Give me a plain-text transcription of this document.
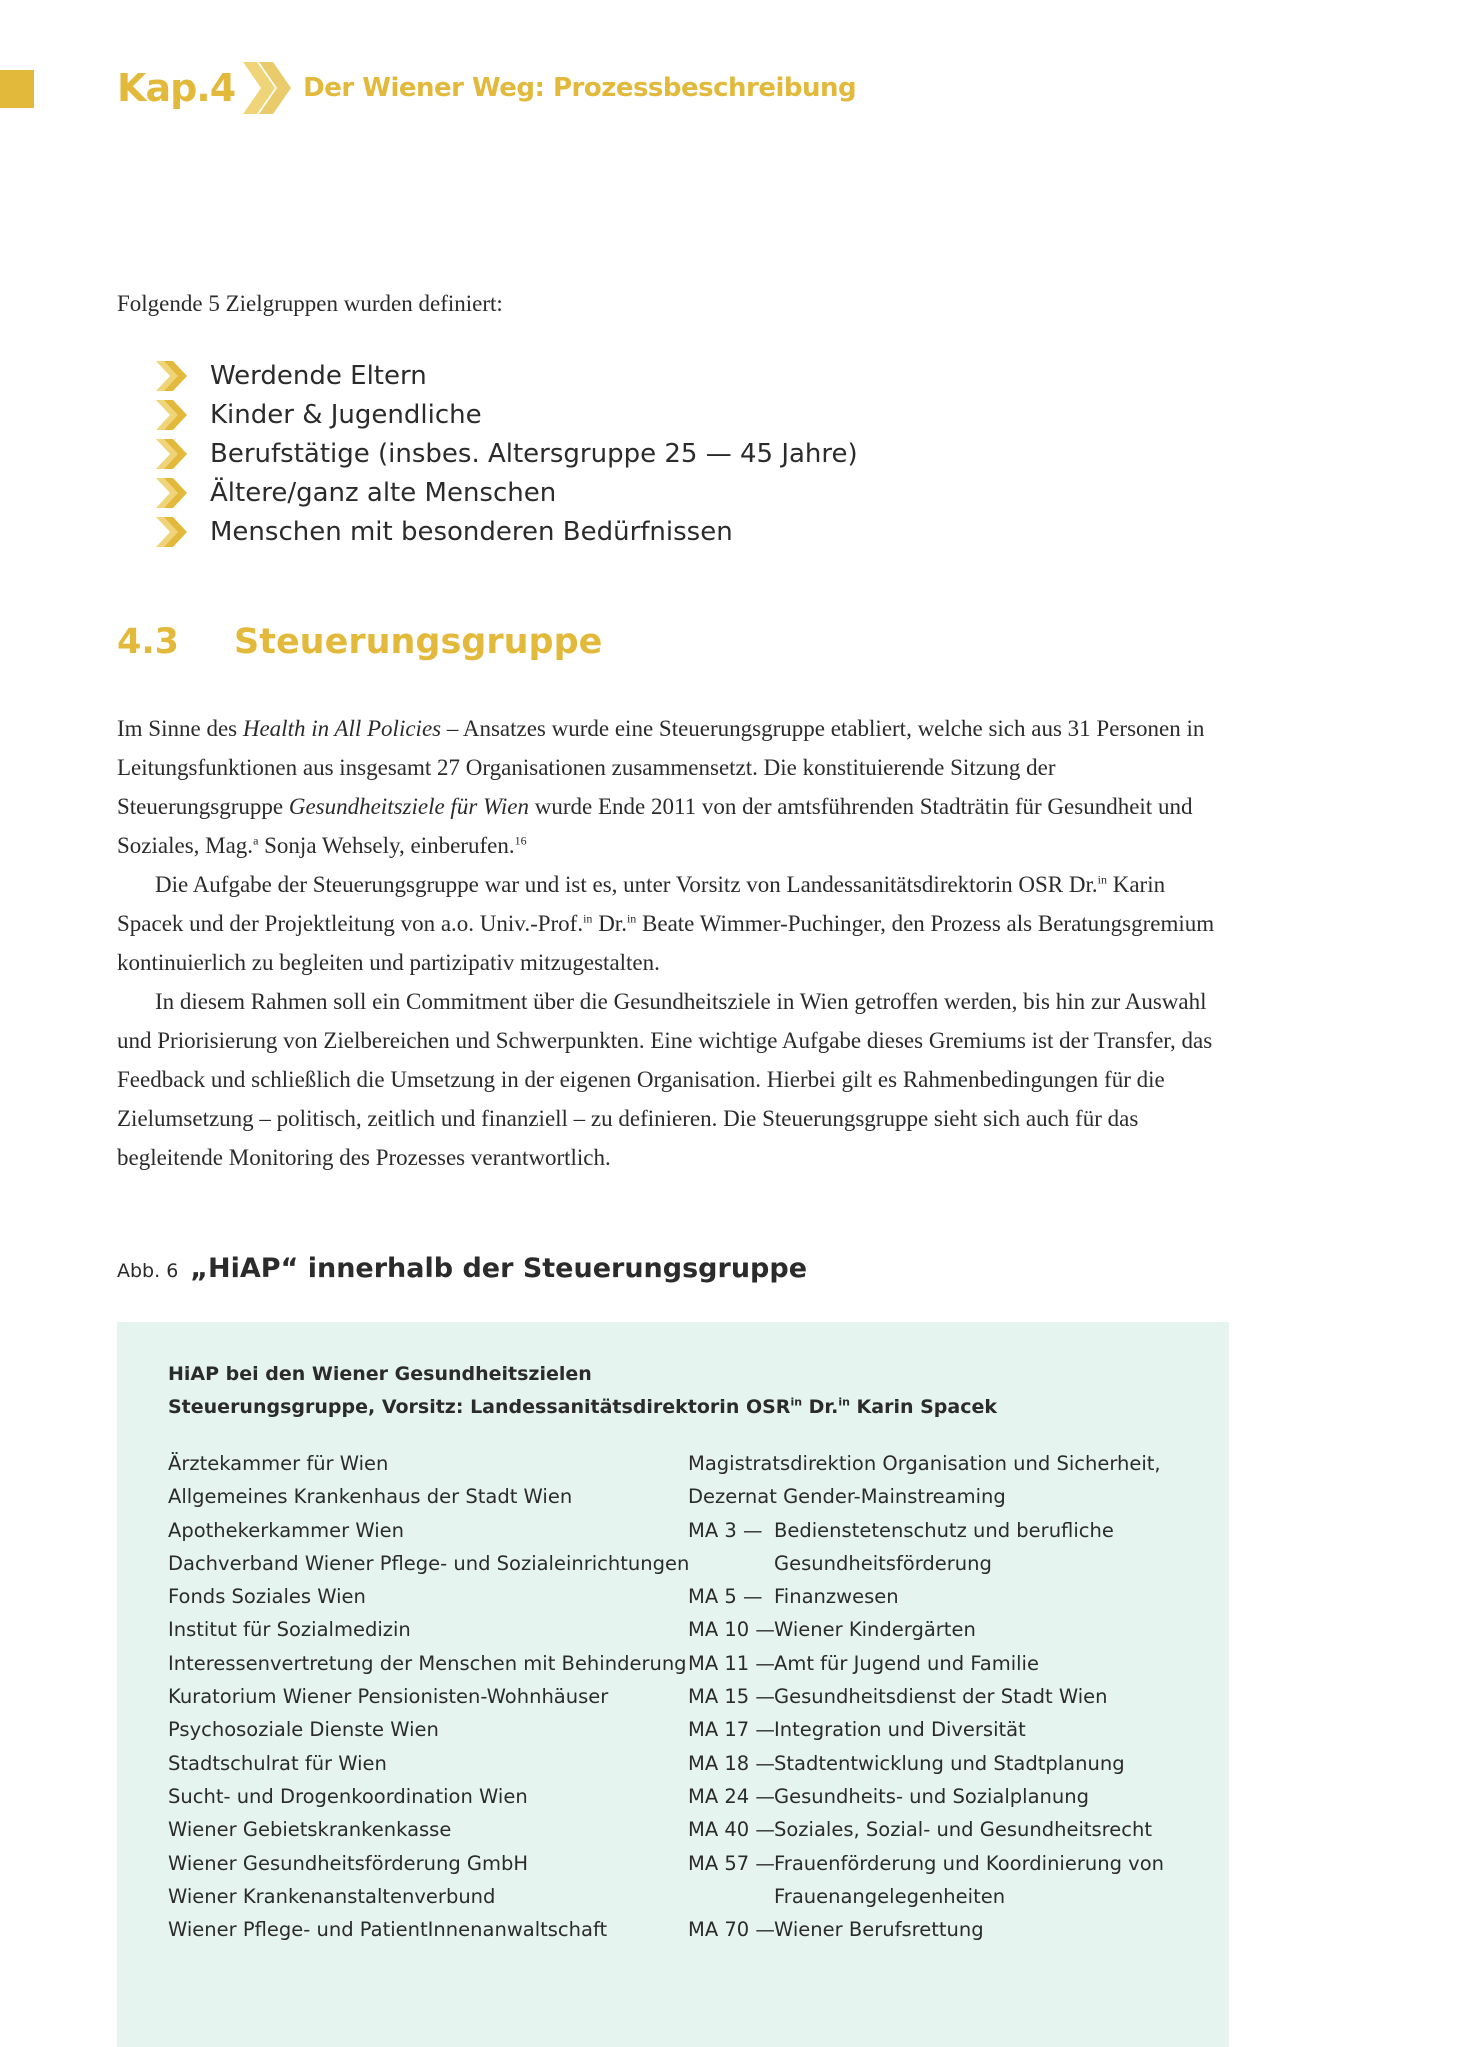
Kap.4	Der Wiener Weg: Prozessbeschreibung

Folgende 5 Zielgruppen wurden definiert:

Werdende Eltern
Kinder & Jugendliche
Berufstätige (insbes. Altersgruppe 25 — 45 Jahre)
Ältere/ganz alte Menschen
Menschen mit besonderen Bedürfnissen
4.3	Steuerungsgruppe

Im Sinne des Health in All Policies – Ansatzes wurde eine Steuerungsgruppe etabliert, welche sich aus 31 Personen in Leitungsfunktionen aus insgesamt 27 Organisationen zusammensetzt. Die konstituierende Sitzung der Steuerungsgruppe Gesundheitsziele für Wien wurde Ende 2011 von der amtsführenden Stadträtin für Gesundheit und Soziales, Mag.$^a$ Sonja Wehsely, einberufen.$^{16}$

Die Aufgabe der Steuerungsgruppe war und ist es, unter Vorsitz von Landessanitätsdirektorin OSR Dr.$^{in}$ Karin Spacek und der Projektleitung von a.o. Univ.-Prof.$^{in}$ Dr.$^{in}$ Beate Wimmer-Puchinger, den Prozess als Beratungsgremium kontinuierlich zu begleiten und partizipativ mitzugestalten.

In diesem Rahmen soll ein Commitment über die Gesundheitsziele in Wien getroffen werden, bis hin zur Auswahl und Priorisierung von Zielbereichen und Schwerpunkten. Eine wichtige Aufgabe dieses Gremiums ist der Transfer, das Feedback und schließlich die Umsetzung in der eigenen Organisation. Hierbei gilt es Rahmenbedingungen für die Zielumsetzung – politisch, zeitlich und finanziell – zu definieren. Die Steuerungsgruppe sieht sich auch für das begleitende Monitoring des Prozesses verantwortlich.

Abb. 6 „HiAP“ innerhalb der Steuerungsgruppe
HiAP bei den Wiener Gesundheitszielen
Steuerungsgruppe, Vorsitz: Landessanitätsdirektorin $OSR^{in}$ Dr.$^{in}$ Karin Spacek
Ärztekammer für Wien
Allgemeines Krankenhaus der Stadt Wien
Apothekerkammer Wien
Dachverband Wiener Pflege- und Sozialeinrichtungen
Fonds Soziales Wien
Institut für Sozialmedizin
Interessenvertretung der Menschen mit Behinderung
Kuratorium Wiener Pensionisten-Wohnhäuser
Psychosoziale Dienste Wien
Stadtschulrat für Wien
Sucht- und Drogenkoordination Wien
Wiener Gebietskrankenkasse
Wiener Gesundheitsförderung GmbH
Wiener Krankenanstaltenverbund
Wiener Pflege- und PatientInnenanwaltschaft
Magistratsdirektion Organisation und Sicherheit,
Dezernat Gender-Mainstreaming
MA 3 — Bedienstetenschutz und berufliche Gesundheitsförderung
MA 5 — Finanzwesen
MA 10 — Wiener Kindergärten
MA 11 — Amt für Jugend und Familie
MA 15 — Gesundheitsdienst der Stadt Wien
MA 17 — Integration und Diversität
MA 18 — Stadtentwicklung und Stadtplanung
MA 24 — Gesundheits- und Sozialplanung
MA 40 — Soziales, Sozial- und Gesundheitsrecht
MA 57 — Frauenförderung und Koordinierung von Frauenangelegenheiten
MA 70 — Wiener Berufsrettung
